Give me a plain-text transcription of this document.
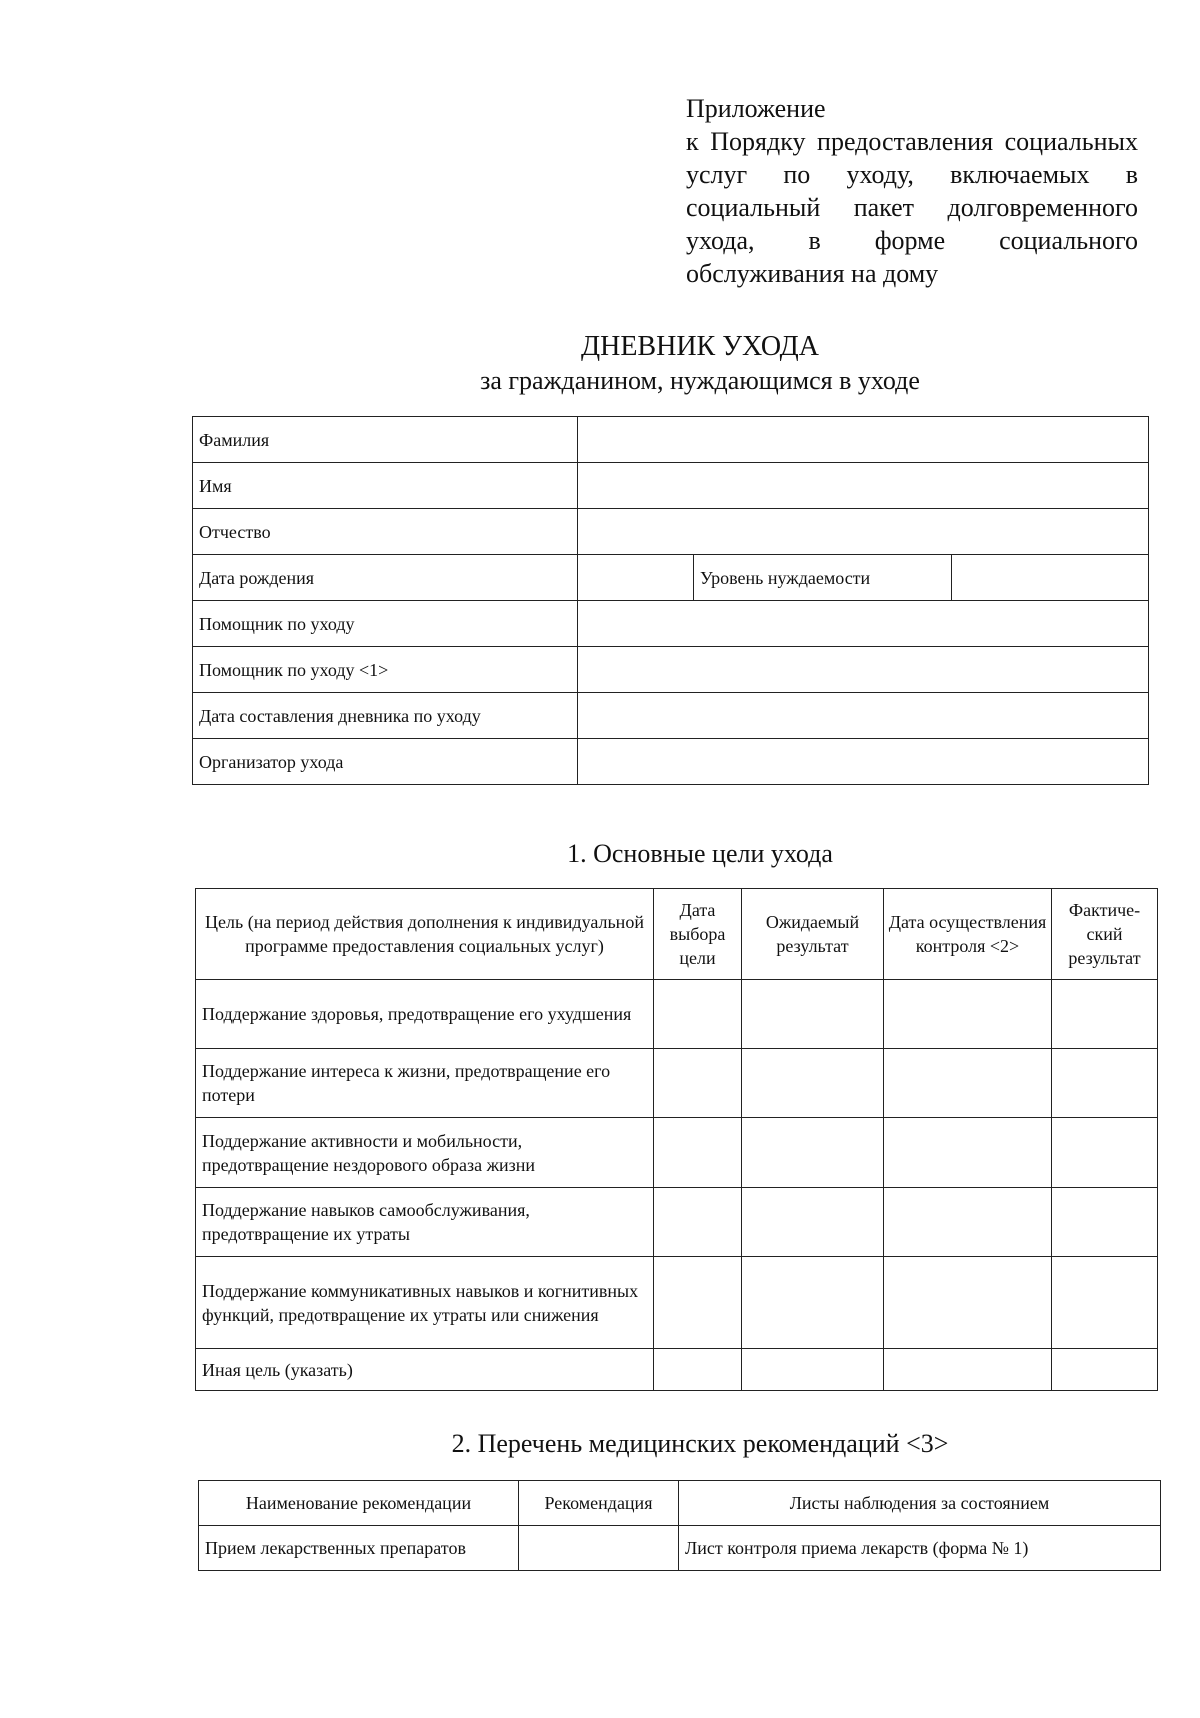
Приложение
к Порядку предоставления социальных услуг по уходу, включаемых в социальный пакет долговременного ухода, в форме социального обслуживания на дому
ДНЕВНИК УХОДА
за гражданином, нуждающимся в уходе
Фамилия			
Имя			
Отчество			
Дата рождения		Уровень нуждаемости	
Помощник по уходу			
Помощник по уходу <1>			
Дата составления дневника по уходу			
Организатор ухода			
1. Основные цели ухода
Цель (на период действия дополнения к индивидуальной программе предоставления социальных услуг)	Дата выбора цели	Ожидаемый результат	Дата осуществления контроля <2>	Фактиче-ский результат
Поддержание здоровья, предотвращение его ухудшения				
Поддержание интереса к жизни, предотвращение его потери				
Поддержание активности и мобильности, предотвращение нездорового образа жизни				
Поддержание навыков самообслуживания, предотвращение их утраты				
Поддержание коммуникативных навыков и когнитивных функций, предотвращение их утраты или снижения				
Иная цель (указать)				
2. Перечень медицинских рекомендаций <3>
Наименование рекомендации	Рекомендация	Листы наблюдения за состоянием
Прием лекарственных препаратов		Лист контроля приема лекарств (форма № 1)
